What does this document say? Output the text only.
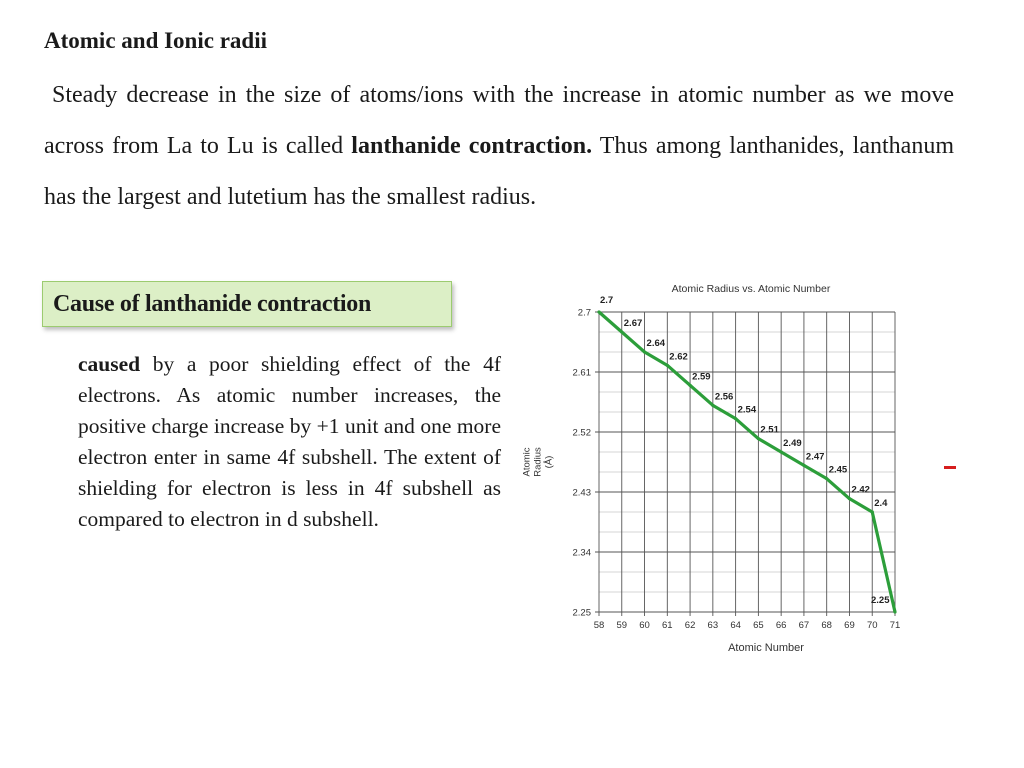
Atomic and Ionic radii

Steady decrease in the size of atoms/ions with the increase in atomic number as we move across from La to Lu is called lanthanide contraction. Thus among lanthanides, lanthanum has the largest and lutetium has the smallest radius.

Cause of lanthanide contraction

caused by a poor shielding effect of the 4f electrons. As atomic number increases, the positive charge increase by +1 unit and one more electron enter in same 4f subshell. The extent of shielding for electron is less in 4f subshell as compared to electron in d subshell.

Atomic Radius vs. Atomic Number
2.25
2.34
2.43
2.52
2.61
2.7
58 59 60 61 62 63 64 65 66 67 68 69 70 71
2.7
2.67
2.64
2.62
2.59
2.56
2.54
2.51
2.49
2.47
2.45
2.42
2.4
2.25
Atomic Number
Atomic Radius (Å)
